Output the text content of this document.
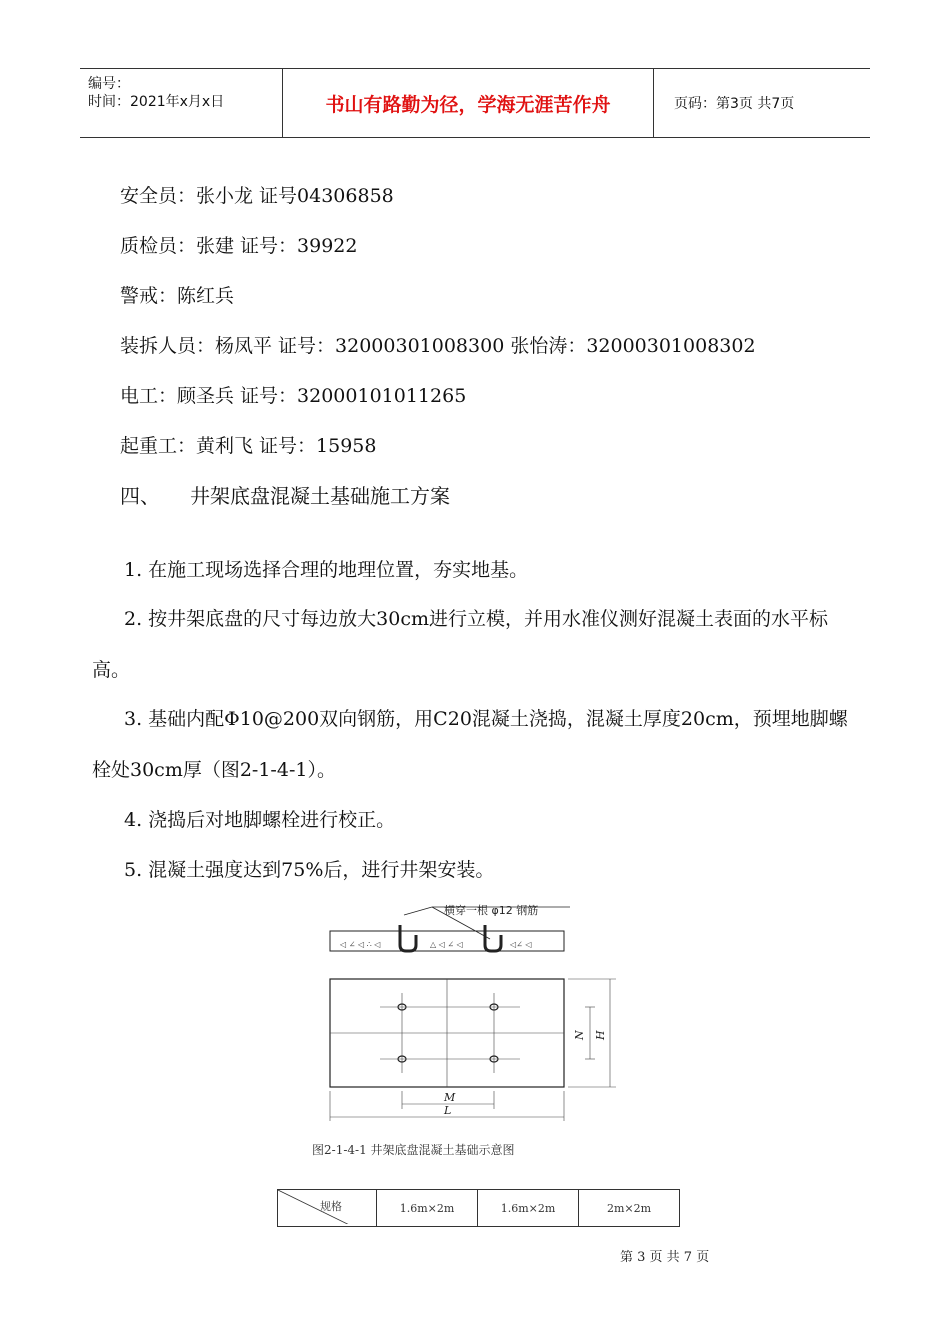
编号：
时间：2021年x月x日	书山有路勤为径，学海无涯苦作舟	页码：第3页 共7页
安全员：张小龙 证号04306858
质检员：张建 证号：39922
警戒：陈红兵
装拆人员：杨凤平 证号：32000301008300 张怡涛：32000301008302
电工：顾圣兵 证号：32000101011265
起重工：黄利飞 证号：15958
四、 井架底盘混凝土基础施工方案
1. 在施工现场选择合理的地理位置，夯实地基。
2. 按井架底盘的尺寸每边放大30cm进行立模，并用水准仪测好混凝土表面的水平标高。
3. 基础内配Φ10@200双向钢筋，用C20混凝土浇捣，混凝土厚度20cm，预埋地脚螺栓处30cm厚（图2-1-4-1）。
4. 浇捣后对地脚螺栓进行校正。
5. 混凝土强度达到75%后，进行井架安装。
横穿一根 φ12 钢筋
◁ ∠ ◁ ∴ ◁	△ ◁ ∠ ◁	◁∠ ◁
N H
M
L
图2-1-4-1 井架底盘混凝土基础示意图
规格	1.6m×2m	1.6m×2m	2m×2m
第 3 页 共 7 页
